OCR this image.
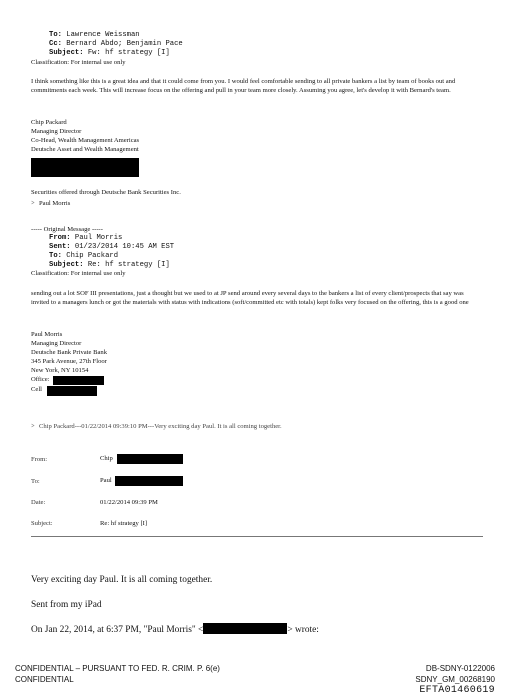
To: Lawrence Weissman
Cc: Bernard Abdo; Benjamin Pace
Subject: Fw: hf strategy [I]
Classification: For internal use only
I think something like this is a great idea and that it could come from you. I would feel comfortable sending to all private bankers a list by team of books out and commitments each week. This will increase focus on the offering and pull in your team more closely. Assuming you agree, let's develop it with Bernard's team.
Chip Packard
Managing Director
Co-Head, Wealth Management Americas
Deutsche Asset and Wealth Management
Securities offered through Deutsche Bank Securities Inc.
Paul Morris
----- Original Message -----
From: Paul Morris
Sent: 01/23/2014 10:45 AM EST
To: Chip Packard
Subject: Re: hf strategy [I]
Classification: For internal use only
sending out a lot SOF III presentations, just a thought but we used to at JP send around every several days to the bankers a list of every client/prospects that say was invited to a managers lunch or got the materials with status with indications (soft/committed etc with totals) kept folks very focused on the offering, this is a good one
Paul Morris
Managing Director
Deutsche Bank Private Bank
345 Park Avenue, 27th Floor
New York, NY 10154
Office:
Cell
Chip Packard---01/22/2014 09:39:10 PM---Very exciting day Paul. It is all coming together.
From:	Chip
To:	Paul
Date:	01/22/2014 09:39 PM
Subject:	Re: hf strategy [I]
Very exciting day Paul. It is all coming together.
Sent from my iPad
On Jan 22, 2014, at 6:37 PM, "Paul Morris" <	> wrote:
CONFIDENTIAL – PURSUANT TO FED. R. CRIM. P. 6(e)
CONFIDENTIAL
DB-SDNY-0122006
SDNY_GM_00268190
EFTA01460619
